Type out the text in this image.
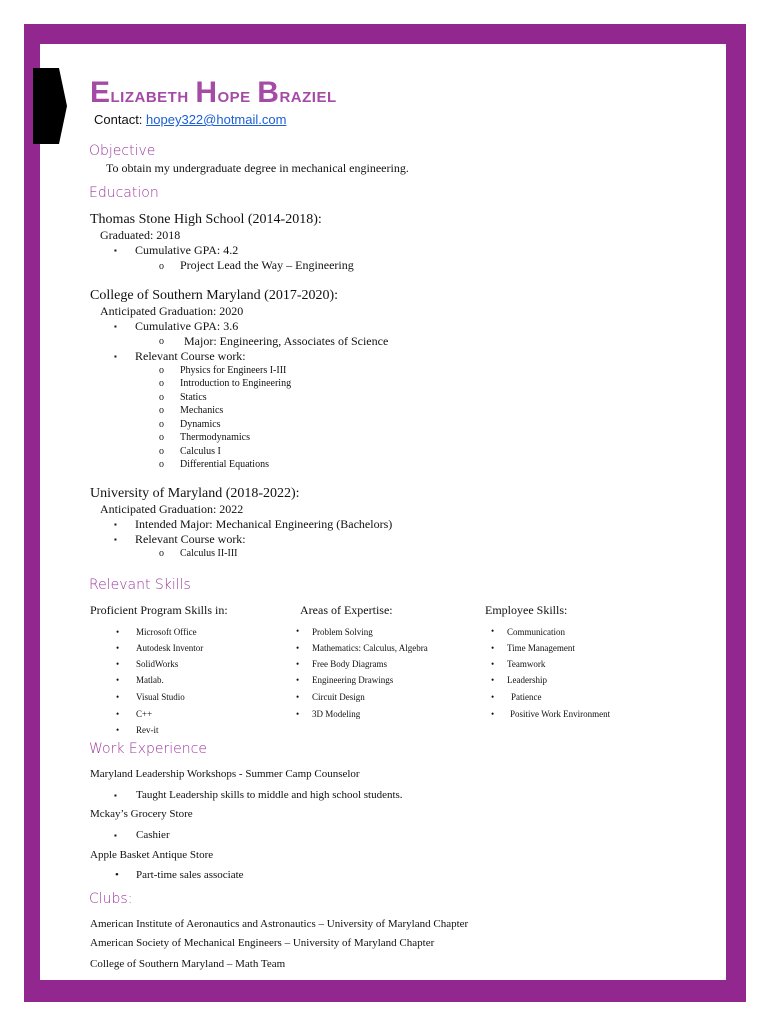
Elizabeth Hope Braziel
Contact: hopey322@hotmail.com
Objective
To obtain my undergraduate degree in mechanical engineering.
Education
Thomas Stone High School (2014-2018):
Graduated: 2018
▪ Cumulative GPA: 4.2
o Project Lead the Way – Engineering
College of Southern Maryland (2017-2020):
Anticipated Graduation: 2020
▪ Cumulative GPA: 3.6
o Major: Engineering, Associates of Science
▪ Relevant Course work:
o Physics for Engineers I-III
o Introduction to Engineering
o Statics
o Mechanics
o Dynamics
o Thermodynamics
o Calculus I
o Differential Equations
University of Maryland (2018-2022):
Anticipated Graduation: 2022
▪ Intended Major: Mechanical Engineering (Bachelors)
▪ Relevant Course work:
o Calculus II-III
Relevant Skills
Proficient Program Skills in:	Areas of Expertise:	Employee Skills:
• Microsoft Office
• Autodesk Inventor
• SolidWorks
• Matlab.
• Visual Studio
• C++
• Rev-it
• Problem Solving
• Mathematics: Calculus, Algebra
• Free Body Diagrams
• Engineering Drawings
• Circuit Design
• 3D Modeling
• Communication
• Time Management
• Teamwork
• Leadership
• Patience
• Positive Work Environment
Work Experience
Maryland Leadership Workshops - Summer Camp Counselor
▪ Taught Leadership skills to middle and high school students.
Mckay’s Grocery Store
▪ Cashier
Apple Basket Antique Store
• Part-time sales associate
Clubs:
American Institute of Aeronautics and Astronautics – University of Maryland Chapter
American Society of Mechanical Engineers – University of Maryland Chapter
College of Southern Maryland – Math Team
